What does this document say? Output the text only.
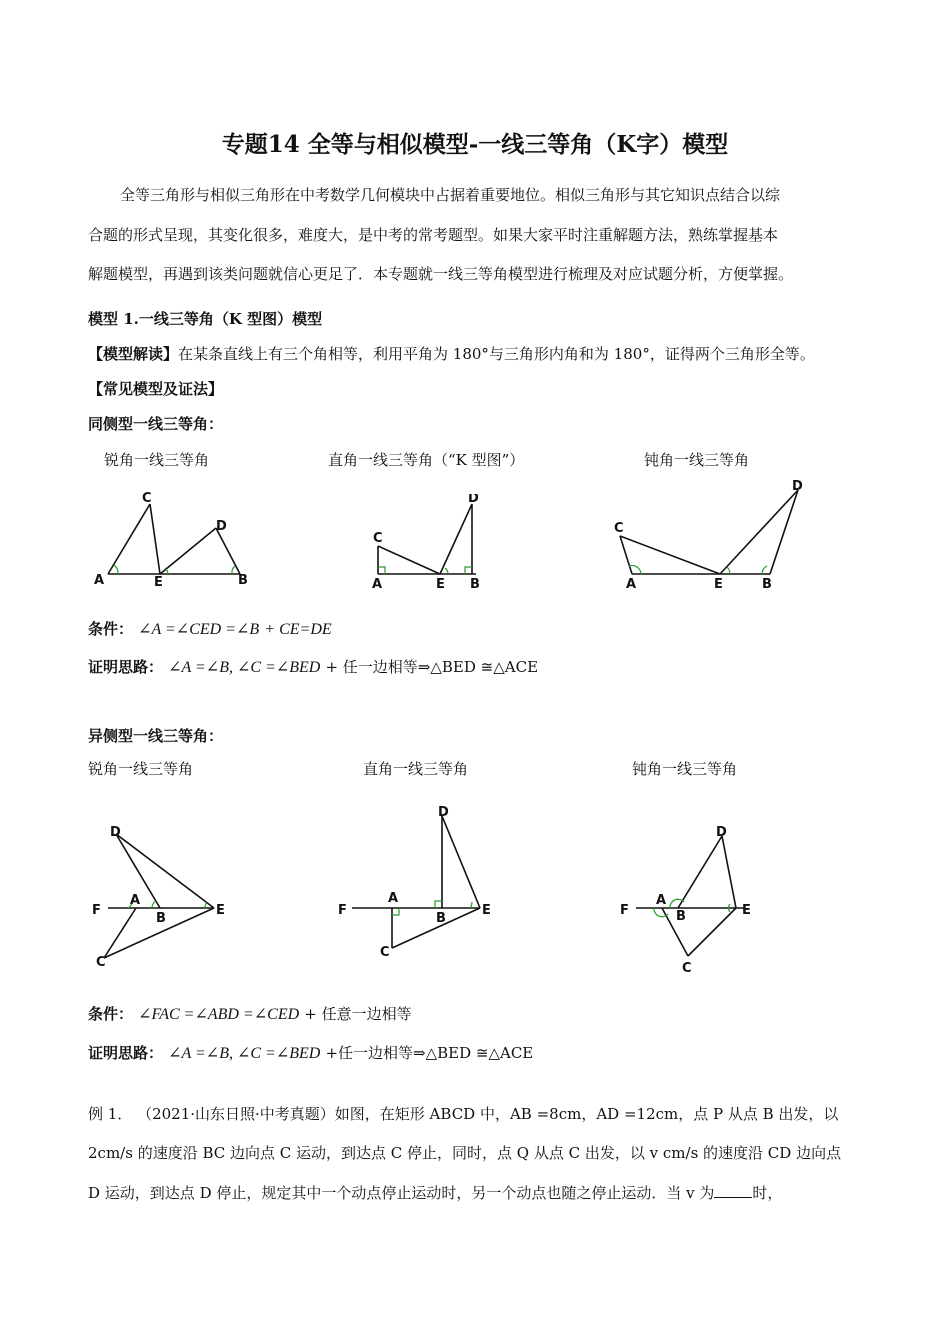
专题14 全等与相似模型-一线三等角（K字）模型
全等三角形与相似三角形在中考数学几何模块中占据着重要地位。相似三角形与其它知识点结合以综
合题的形式呈现，其变化很多，难度大，是中考的常考题型。如果大家平时注重解题方法，熟练掌握基本
解题模型，再遇到该类问题就信心更足了．本专题就一线三等角模型进行梳理及对应试题分析，方便掌握。
模型 1.一线三等角（K 型图）模型
【模型解读】在某条直线上有三个角相等，利用平角为 180°与三角形内角和为 180°，证得两个三角形全等。
【常见模型及证法】
同侧型一线三等角：
锐角一线三等角	直角一线三等角（“K 型图”）	钝角一线三等角
A
C
E
D
B
C
A	E
D
B
C
A	E
D
B
条件： ∠A =∠CED =∠B + CE=DE
证明思路： ∠A =∠B, ∠C =∠BED + 任一边相等⇒△BED ≅△ACE
异侧型一线三等角：
锐角一线三等角	直角一线三等角	钝角一线三等角
D
F
A
B
E
C
D
F
A
B
E
C
D
F
A
B	E
C
条件： ∠FAC =∠ABD =∠CED + 任意一边相等
证明思路： ∠A =∠B, ∠C =∠BED +任一边相等⇒△BED ≅△ACE
例 1． （2021·山东日照·中考真题）如图，在矩形 ABCD 中，AB =8cm，AD =12cm，点 P 从点 B 出发，以
2cm/s 的速度沿 BC 边向点 C 运动，到达点 C 停止，同时，点 Q 从点 C 出发，以 v cm/s 的速度沿 CD 边向点
D 运动，到达点 D 停止，规定其中一个动点停止运动时，另一个动点也随之停止运动．当 v 为	时，
